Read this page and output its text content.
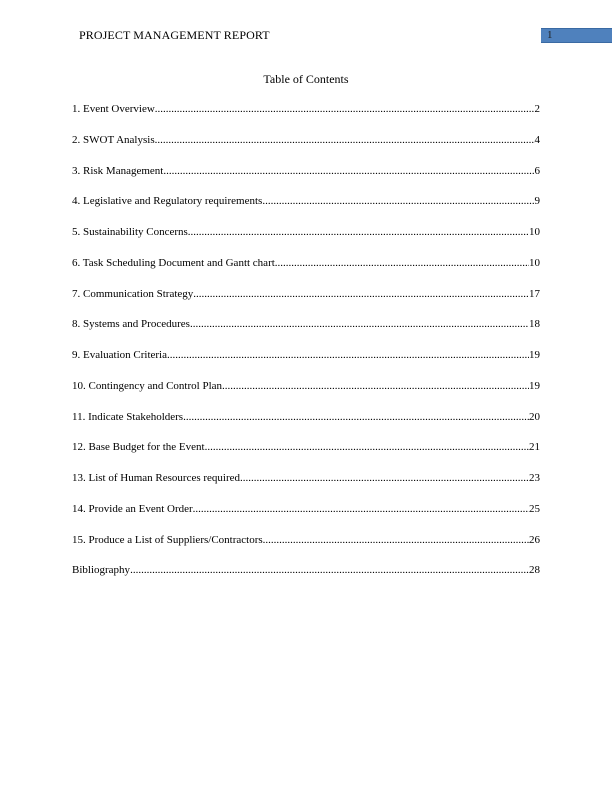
PROJECT MANAGEMENT REPORT	1
Table of Contents
1. Event Overview .....	2
2. SWOT Analysis .....	4
3. Risk Management .....	6
4. Legislative and Regulatory requirements .....	9
5. Sustainability Concerns .....	10
6. Task Scheduling Document and Gantt chart .....	10
7. Communication Strategy .....	17
8. Systems and Procedures .....	18
9. Evaluation Criteria .....	19
10. Contingency and Control Plan .....	19
11. Indicate Stakeholders .....	20
12. Base Budget for the Event .....	21
13. List of Human Resources required .....	23
14. Provide an Event Order .....	25
15. Produce a List of Suppliers/Contractors .....	26
Bibliography .....	28
